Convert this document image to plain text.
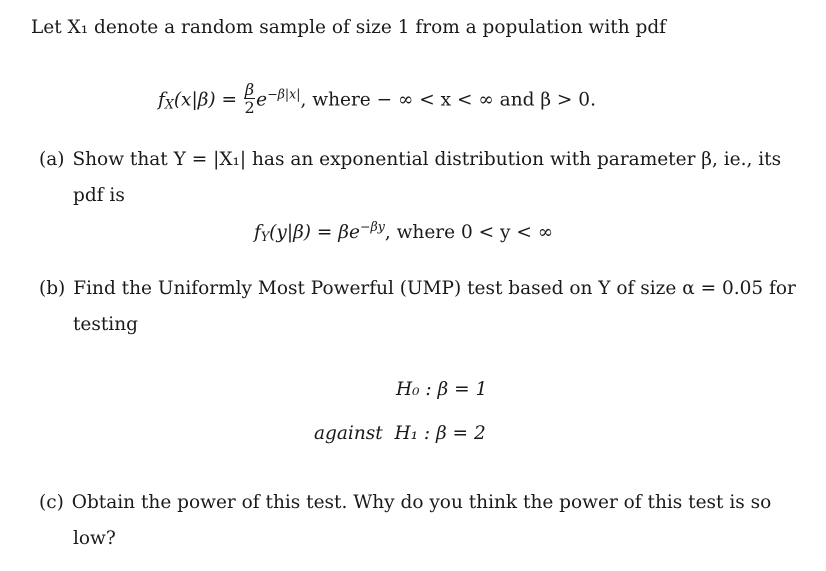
Let X₁ denote a random sample of size 1 from a population with pdf
$f_X(x|\beta) = \frac{\beta}{2} e^{-\beta|x|}$, where − ∞ < x < ∞ and β > 0.
(a) Show that Y = |X₁| has an exponential distribution with parameter β, ie., its
pdf is
$f_Y(y|\beta) = \beta e^{-\beta y}$, where 0 < y < ∞
(b) Find the Uniformly Most Powerful (UMP) test based on Y of size α = 0.05 for
testing
H₀ : β = 1
against H₁ : β = 2
(c) Obtain the power of this test. Why do you think the power of this test is so
low?
